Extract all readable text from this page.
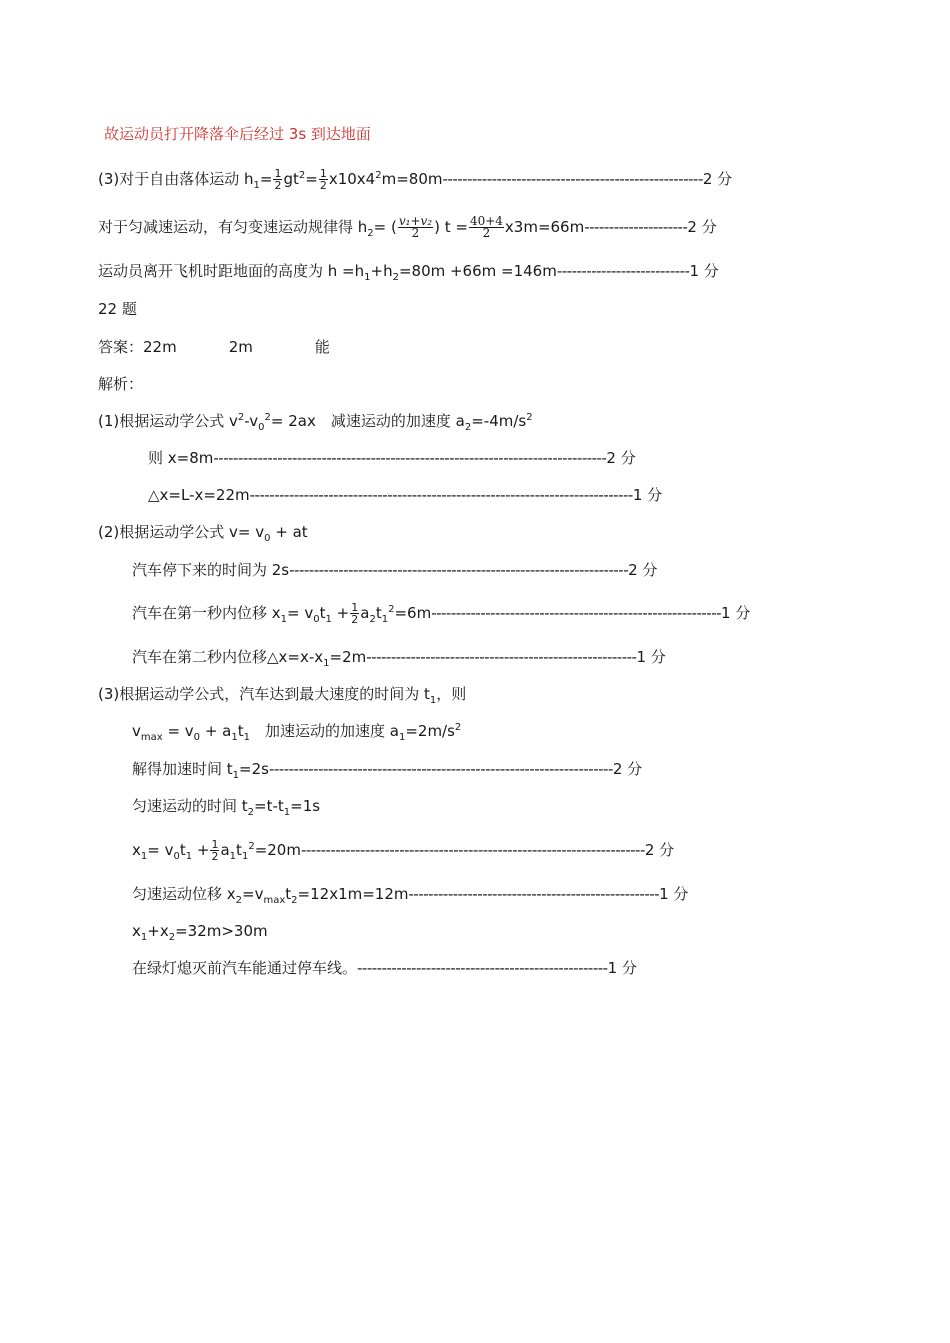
故运动员打开降落伞后经过 3s 到达地面
(3)对于自由落体运动 $h_1= \frac{1}{2} gt^2= \frac{1}{2} x10x4^2m=80m-----------------------------------------------------2$ 分
对于匀减速运动，有匀变速运动规律得 $h_2=$ ( $\frac{\text{v₁+v₂}}{2}$ ) $t = \frac{40+4}{2} x3m=66m---------------------2$ 分
运动员离开飞机时距地面的高度为 $h =h_1+h_2=80m +66m =146m---------------------------1$ 分
22 题
答案：22m	2m	能
解析：
(1)根据运动学公式 $v^2-v_0^2= 2ax$　减速运动的加速度 $a_2=-4m/s^2$
则 x=8m--------------------------------------------------------------------------------2 分
△x=L-x=22m------------------------------------------------------------------------------1 分
(2)根据运动学公式 $v= v_0$ + at
汽车停下来的时间为 2s---------------------------------------------------------------------2 分
汽车在第一秒内位移 $x_1= v_0t_1 + \frac{1}{2} a_2t_1^2=6m-----------------------------------------------------------1$ 分
汽车在第二秒内位移$\triangle x=x-x_1=2m-------------------------------------------------------1$ 分
(3)根据运动学公式，汽车达到最大速度的时间为 $t_1$，则
$v_{max} = v_0 + a_1t_1$　加速运动的加速度 $a_1=2m/s^2$
解得加速时间 $t_1=2s----------------------------------------------------------------------2$ 分
匀速运动的时间 $t_2=t-t_1=1s$
$x_1= v_0t_1 + \frac{1}{2} a_1t_1^2=20m----------------------------------------------------------------------2$ 分
匀速运动位移 $x_2=v_{max}t_2=12x1m=12m---------------------------------------------------1$ 分
$x_1+x_2=32m>30m$
在绿灯熄灭前汽车能通过停车线。---------------------------------------------------1 分
